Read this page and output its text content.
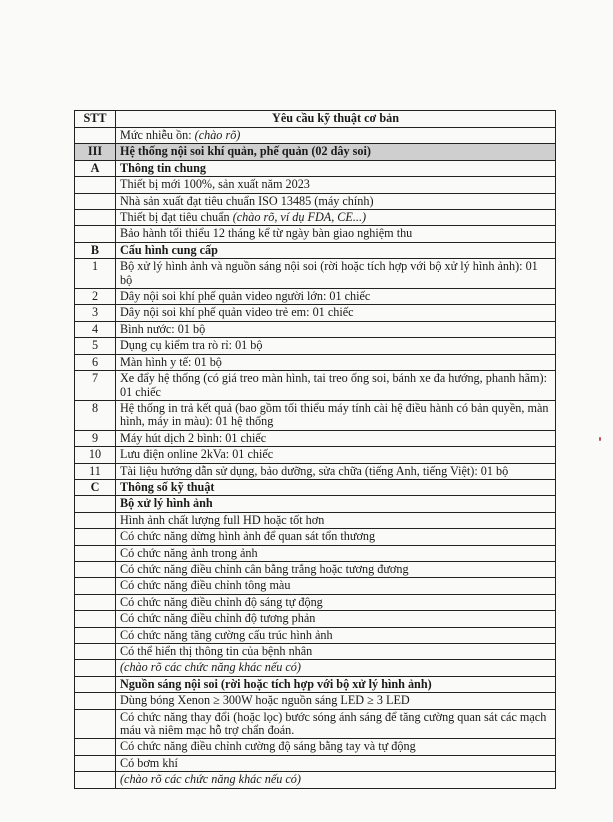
STT	Yêu cầu kỹ thuật cơ bản
	Mức nhiễu ồn: (chào rõ)
III	Hệ thống nội soi khí quản, phế quản (02 dây soi)
A	Thông tin chung
	Thiết bị mới 100%, sản xuất năm 2023
	Nhà sản xuất đạt tiêu chuẩn ISO 13485 (máy chính)
	Thiết bị đạt tiêu chuẩn (chào rõ, ví dụ FDA, CE...)
	Bảo hành tối thiểu 12 tháng kể từ ngày bàn giao nghiệm thu
B	Cấu hình cung cấp
1	Bộ xử lý hình ảnh và nguồn sáng nội soi (rời hoặc tích hợp với bộ xử lý hình ảnh): 01 bộ
2	Dây nội soi khí phế quản video người lớn: 01 chiếc
3	Dây nội soi khí phế quản video trẻ em: 01 chiếc
4	Bình nước: 01 bộ
5	Dụng cụ kiểm tra rò rỉ: 01 bộ
6	Màn hình y tế: 01 bộ
7	Xe đẩy hệ thống (có giá treo màn hình, tai treo ống soi, bánh xe đa hướng, phanh hãm): 01 chiếc
8	Hệ thống in trả kết quả (bao gồm tối thiểu máy tính cài hệ điều hành có bản quyền, màn hình, máy in màu): 01 hệ thống
9	Máy hút dịch 2 bình: 01 chiếc
10	Lưu điện online 2kVa: 01 chiếc
11	Tài liệu hướng dẫn sử dụng, bảo dưỡng, sửa chữa (tiếng Anh, tiếng Việt): 01 bộ
C	Thông số kỹ thuật
	Bộ xử lý hình ảnh
	Hình ảnh chất lượng full HD hoặc tốt hơn
	Có chức năng dừng hình ảnh để quan sát tổn thương
	Có chức năng ảnh trong ảnh
	Có chức năng điều chỉnh cân bằng trắng hoặc tương đương
	Có chức năng điều chỉnh tông màu
	Có chức năng điều chỉnh độ sáng tự động
	Có chức năng điều chỉnh độ tương phản
	Có chức năng tăng cường cấu trúc hình ảnh
	Có thể hiển thị thông tin của bệnh nhân
	(chào rõ các chức năng khác nếu có)
	Nguồn sáng nội soi (rời hoặc tích hợp với bộ xử lý hình ảnh)
	Dùng bóng Xenon ≥ 300W hoặc nguồn sáng LED ≥ 3 LED
	Có chức năng thay đổi (hoặc lọc) bước sóng ánh sáng để tăng cường quan sát các mạch máu và niêm mạc hỗ trợ chẩn đoán.
	Có chức năng điều chỉnh cường độ sáng bằng tay và tự động
	Có bơm khí
	(chào rõ các chức năng khác nếu có)
